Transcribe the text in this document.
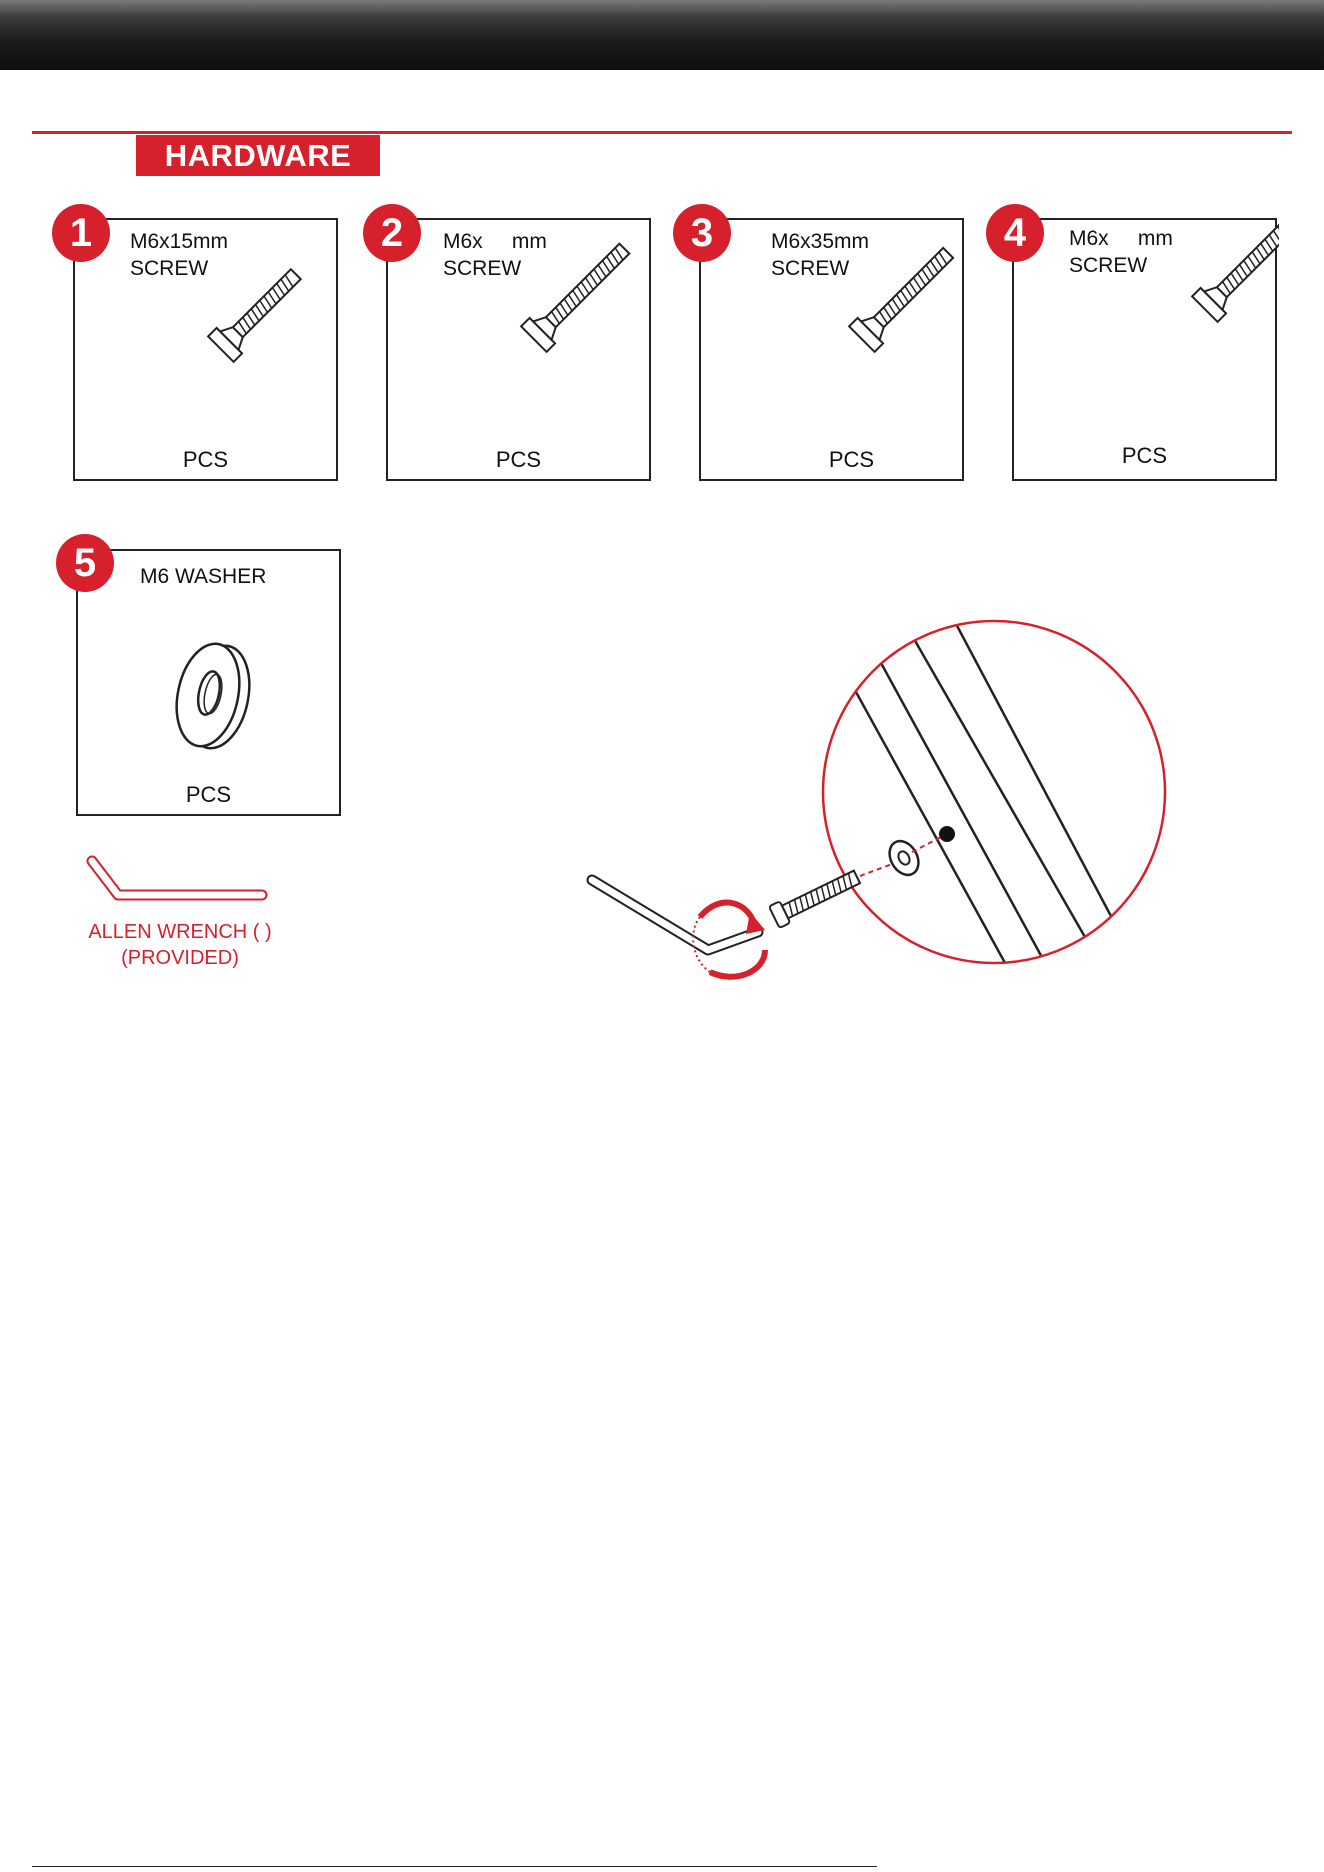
HARDWARE
M6x15mm
SCREW
PCS
1	M6x     mm
SCREW
PCS
2	M6x35mm
SCREW
PCS
3	M6x     mm
SCREW
PCS
4
M6 WASHER
PCS
5
ALLEN WRENCH ( )
(PROVIDED)
